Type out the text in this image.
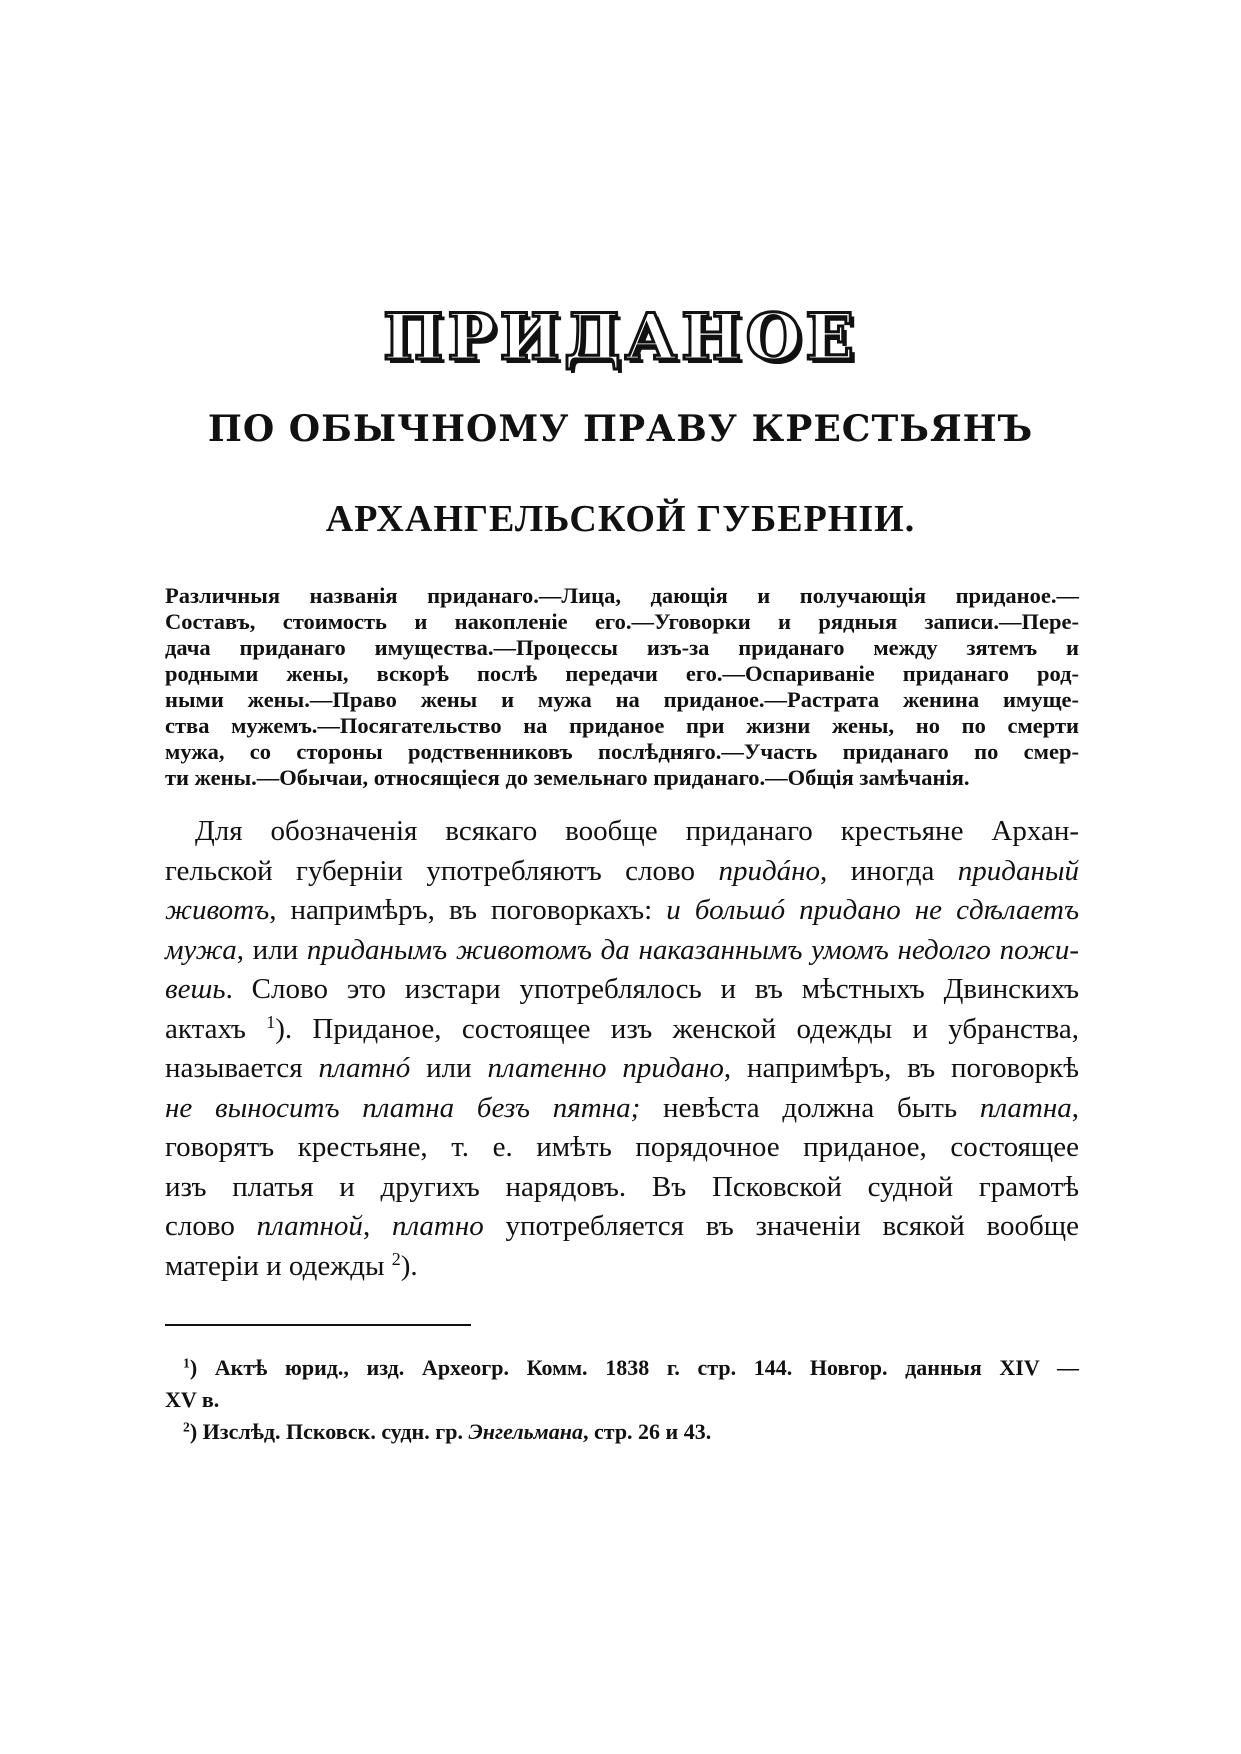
ПРИДАНОЕ
ПО ОБЫЧНОМУ ПРАВУ КРЕСТЬЯНЪ
АРХАНГЕЛЬСКОЙ ГУБЕРНІИ.
Различныя названія приданаго.—Лица, дающія и получающія приданое.—
Составъ, стоимость и накопленіе его.—Уговорки и рядныя записи.—Пере-
дача приданаго имущества.—Процессы изъ-за приданаго между зятемъ и
родными жены, вскорѣ послѣ передачи его.—Оспариваніе приданаго род-
ными жены.—Право жены и мужа на приданое.—Растрата женина имуще-
ства мужемъ.—Посягательство на приданое при жизни жены, но по смерти
мужа, со стороны родственниковъ послѣдняго.—Участь приданаго по смер-
ти жены.—Обычаи, относящіеся до земельнаго приданаго.—Общія замѣчанія.
Для обозначенія всякаго вообще приданаго крестьяне Архан-
гельской губерніи употребляютъ слово придáно, иногда приданый
животъ, напримѣръ, въ поговоркахъ: и большó придано не сдѣлаетъ
мужа, или приданымъ животомъ да наказаннымъ умомъ недолго пожи-
вешь. Слово это изстари употреблялось и въ мѣстныхъ Двинскихъ
актахъ $^1$). Приданое, состоящее изъ женской одежды и убранства,
называется платнó или платенно придано, напримѣръ, въ поговоркѣ
не выноситъ платна безъ пятна; невѣста должна быть платна,
говорятъ крестьяне, т. е. имѣть порядочное приданое, состоящее
изъ платья и другихъ нарядовъ. Въ Псковской судной грамотѣ
слово платной, платно употребляется въ значеніи всякой вообще
матеріи и одежды $^2$).
$^1$) Актѣ юрид., изд. Археогр. Комм. 1838 г. стр. 144. Новгор. данныя XIV —
XV в.
$^2$) Изслѣд. Псковск. судн. гр. Энгельмана, стр. 26 и 43.
